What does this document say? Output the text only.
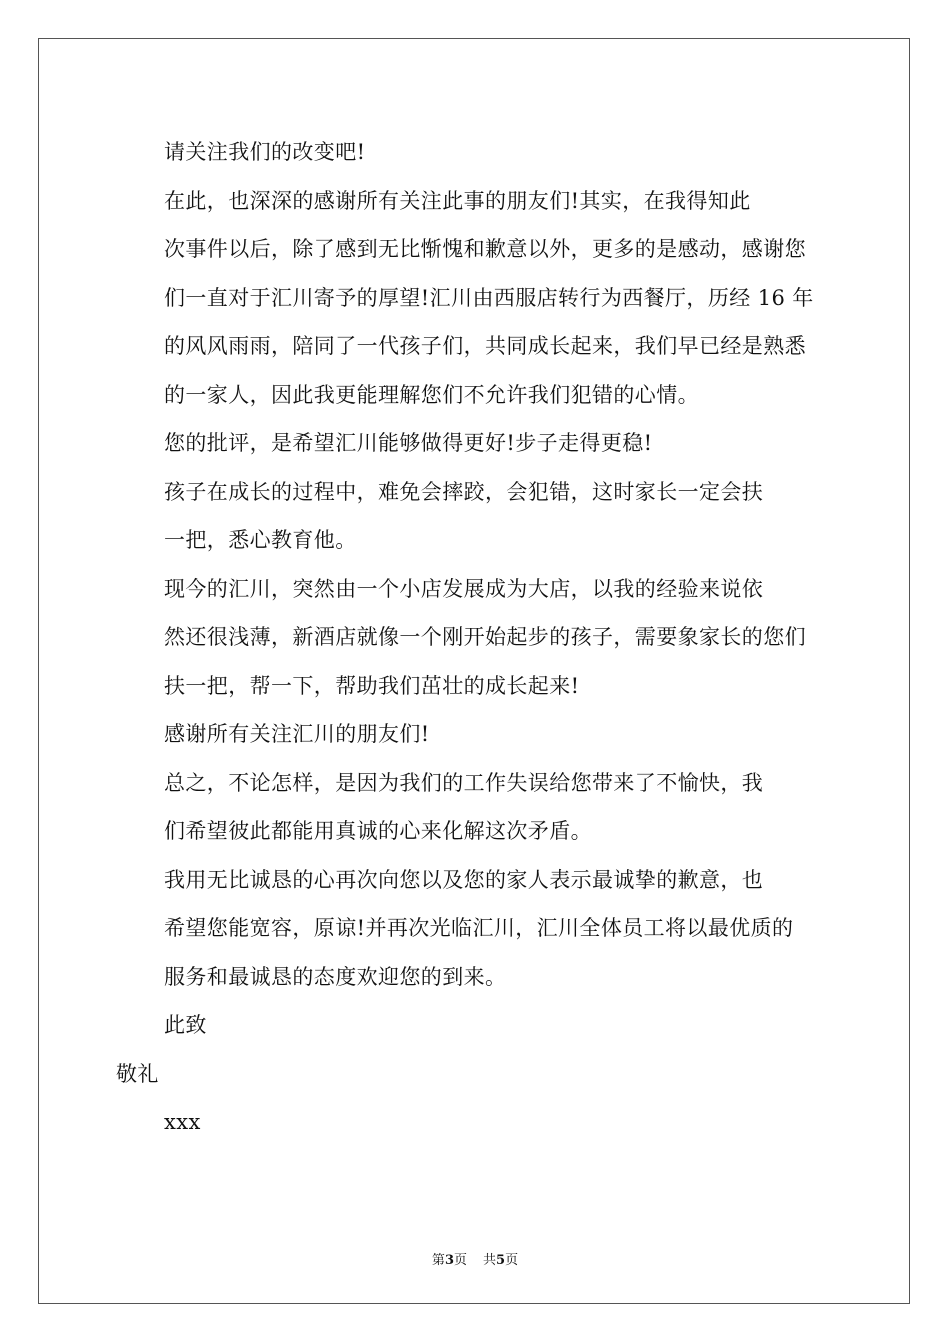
请关注我们的改变吧!

在此，也深深的感谢所有关注此事的朋友们!其实，在我得知此
次事件以后，除了感到无比惭愧和歉意以外，更多的是感动，感谢您
们一直对于汇川寄予的厚望!汇川由西服店转行为西餐厅，历经 16 年
的风风雨雨，陪同了一代孩子们，共同成长起来，我们早已经是熟悉
的一家人，因此我更能理解您们不允许我们犯错的心情。

您的批评，是希望汇川能够做得更好!步子走得更稳!

孩子在成长的过程中，难免会摔跤，会犯错，这时家长一定会扶
一把，悉心教育他。

现今的汇川，突然由一个小店发展成为大店，以我的经验来说依
然还很浅薄，新酒店就像一个刚开始起步的孩子，需要象家长的您们
扶一把，帮一下，帮助我们茁壮的成长起来!

感谢所有关注汇川的朋友们!

总之，不论怎样，是因为我们的工作失误给您带来了不愉快，我
们希望彼此都能用真诚的心来化解这次矛盾。

我用无比诚恳的心再次向您以及您的家人表示最诚挚的歉意，也
希望您能宽容，原谅!并再次光临汇川，汇川全体员工将以最优质的
服务和最诚恳的态度欢迎您的到来。

此致

敬礼

xxx

第3页 共5页
